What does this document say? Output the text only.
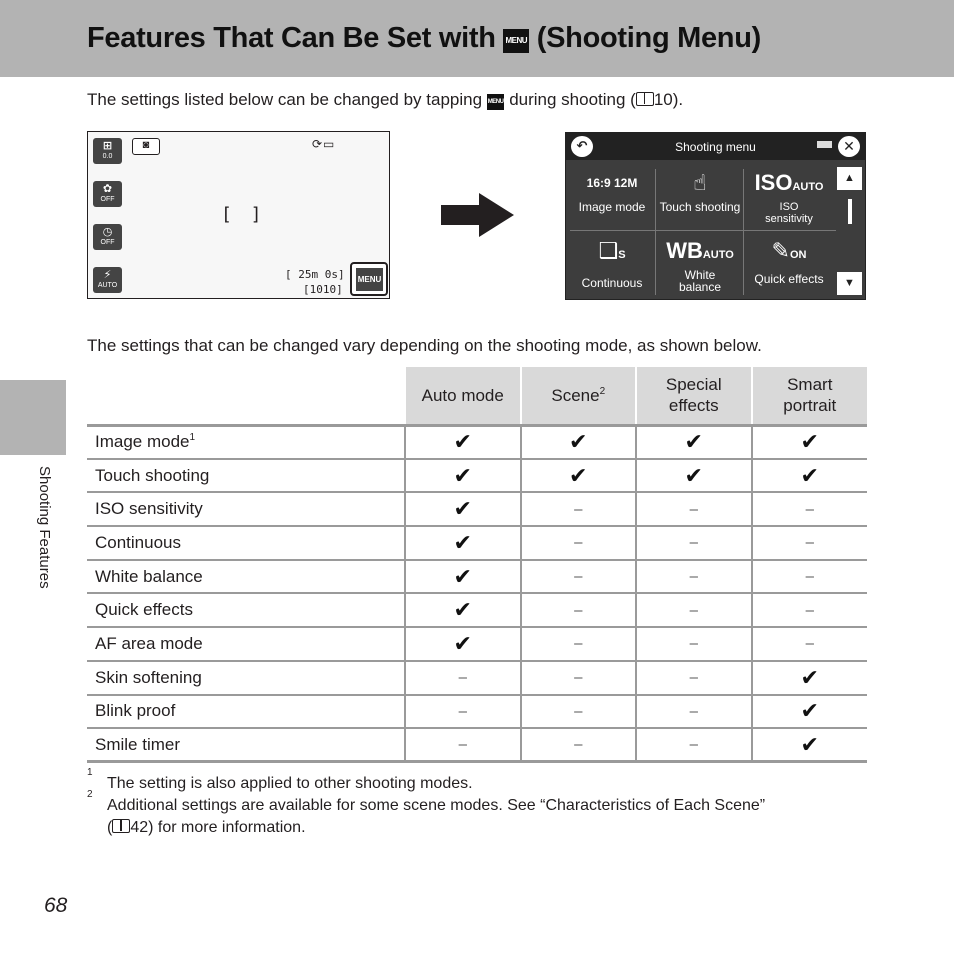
Features That Can Be Set with MENU (Shooting Menu)
The settings listed below can be changed by tapping MENU during shooting ( 10).
⊞
0.0
✿
OFF
◷
OFF
⚡
AUTO
◙	⟳▭
[ ]
[ 25m 0s]
[1010]
MENU
↶	Shooting menu	✕
16:9 12M
Image mode
☝
Touch shooting
ISOAUTO
ISO sensitivity
❑S
Continuous
WBAUTO
White balance
✎ON
Quick effects
▲
▼
The settings that can be changed vary depending on the shooting mode, as shown below.
	Auto mode	Scene$^2$	Special effects	Smart portrait
Image mode$^1$	✔	✔	✔	✔
Touch shooting	✔	✔	✔	✔
ISO sensitivity	✔	–	–	–
Continuous	✔	–	–	–
White balance	✔	–	–	–
Quick effects	✔	–	–	–
AF area mode	✔	–	–	–
Skin softening	–	–	–	✔
Blink proof	–	–	–	✔
Smile timer	–	–	–	✔
1
The setting is also applied to other shooting modes.
2
Additional settings are available for some scene modes. See “Characteristics of Each Scene”
( 42) for more information.
Shooting Features
68
